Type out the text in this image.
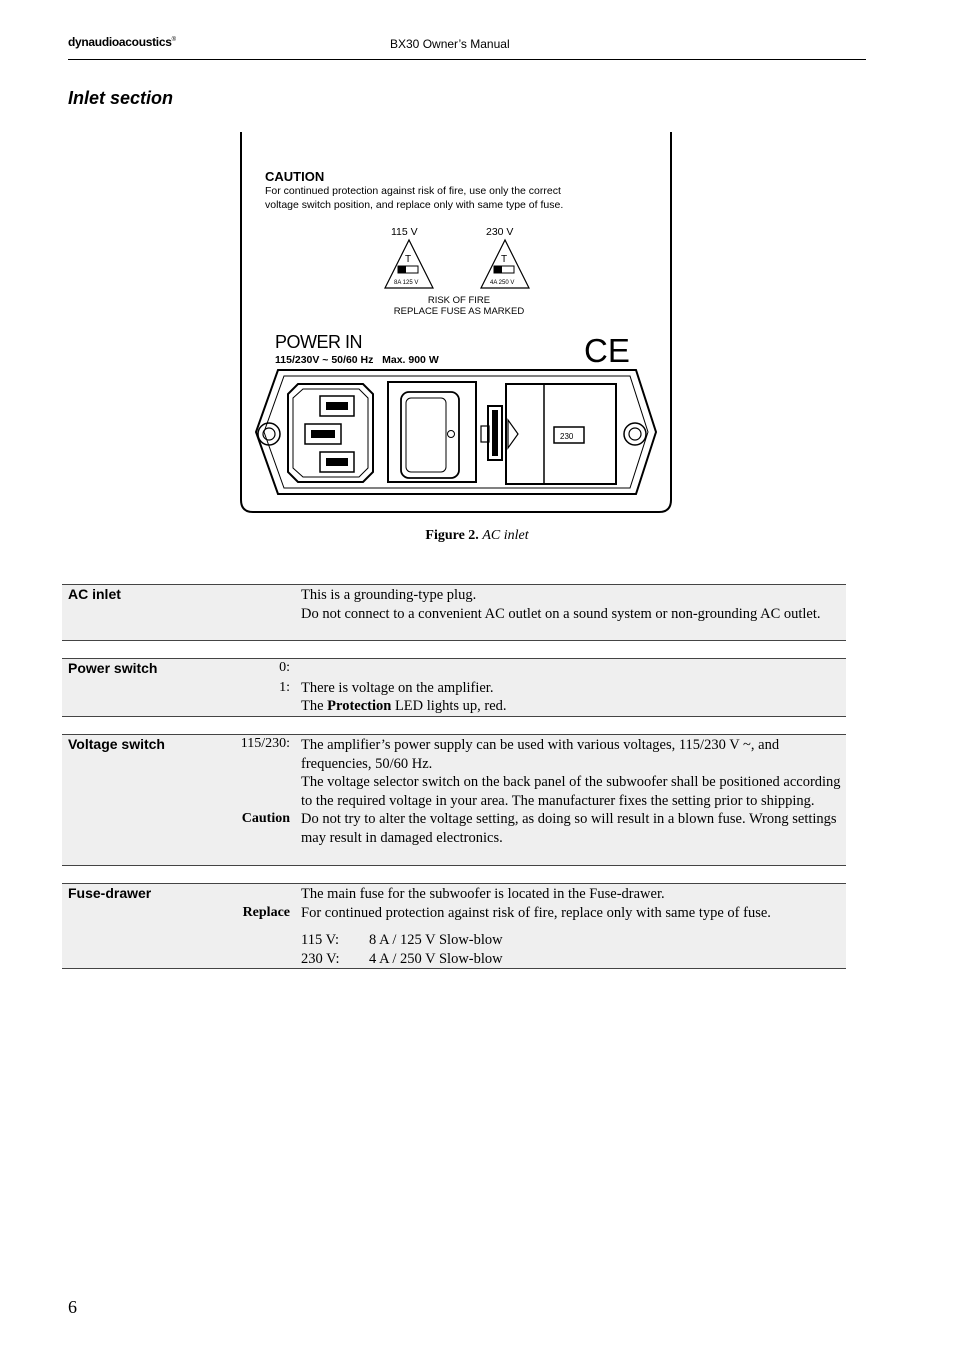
dynaudioacoustics®	BX30 Owner’s Manual
Inlet section
CAUTION
For continued protection against risk of fire, use only the correct
voltage switch position, and replace only with same type of fuse.
115 V	230 V
T
8A 125 V
T
4A 250 V
RISK OF FIRE
REPLACE FUSE AS MARKED
POWER IN
115/230V ~ 50/60 Hz   Max. 900 W	CE
230
Figure 2. AC inlet
AC inlet	This is a grounding-type plug.
Do not connect to a convenient AC outlet on a sound system or non-grounding AC outlet.
Power switch	0:

1: There is voltage on the amplifier.
The Protection LED lights up, red.
Voltage switch	115/230: The amplifier’s power supply can be used with various voltages, 115/230 V ~, and frequencies, 50/60 Hz.
The voltage selector switch on the back panel of the subwoofer shall be positioned according to the required voltage in your area. The manufacturer fixes the setting prior to shipping.
Caution Do not try to alter the voltage setting, as doing so will result in a blown fuse. Wrong settings may result in damaged electronics.
Fuse-drawer	The main fuse for the subwoofer is located in the Fuse-drawer.
Replace For continued protection against risk of fire, replace only with same type of fuse.
115 V:	8 A / 125 V Slow-blow
230 V:	4 A / 250 V Slow-blow
6
